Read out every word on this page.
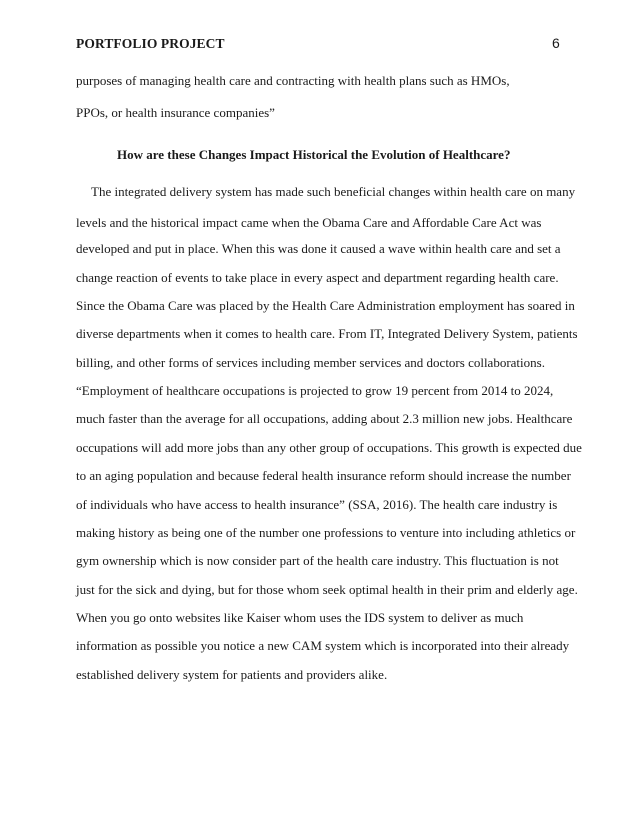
PORTFOLIO PROJECT	6
purposes of managing health care and contracting with health plans such as HMOs,
PPOs, or health insurance companies”
How are these Changes Impact Historical the Evolution of Healthcare?
The integrated delivery system has made such beneficial changes within health care on many
levels and the historical impact came when the Obama Care and Affordable Care Act was
developed and put in place. When this was done it caused a wave within health care and set a
change reaction of events to take place in every aspect and department regarding health care.
Since the Obama Care was placed by the Health Care Administration employment has soared in
diverse departments when it comes to health care. From IT, Integrated Delivery System, patients
billing, and other forms of services including member services and doctors collaborations.
“Employment of healthcare occupations is projected to grow 19 percent from 2014 to 2024,
much faster than the average for all occupations, adding about 2.3 million new jobs. Healthcare
occupations will add more jobs than any other group of occupations. This growth is expected due
to an aging population and because federal health insurance reform should increase the number
of individuals who have access to health insurance” (SSA, 2016). The health care industry is
making history as being one of the number one professions to venture into including athletics or
gym ownership which is now consider part of the health care industry. This fluctuation is not
just for the sick and dying, but for those whom seek optimal health in their prim and elderly age.
When you go onto websites like Kaiser whom uses the IDS system to deliver as much
information as possible you notice a new CAM system which is incorporated into their already
established delivery system for patients and providers alike.
